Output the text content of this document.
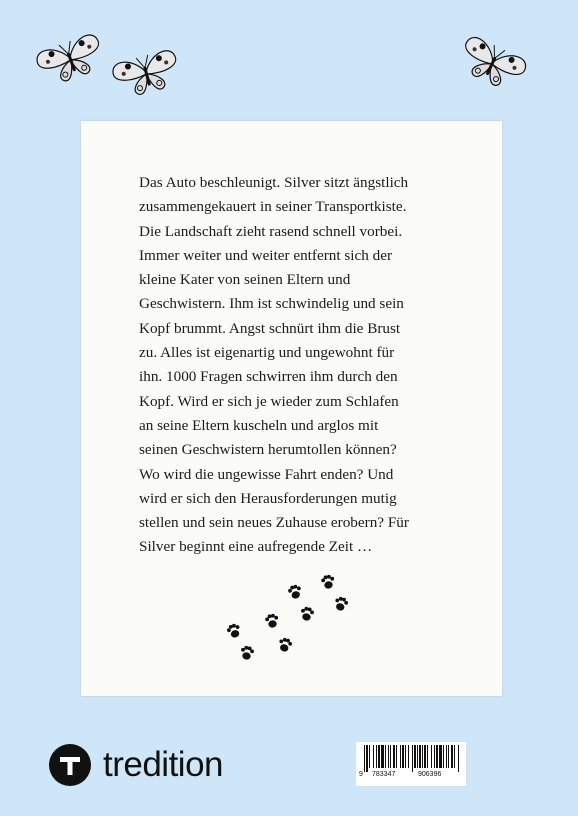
Das Auto beschleunigt. Silver sitzt ängstlich

zusammengekauert in seiner Transportkiste.

Die Landschaft zieht rasend schnell vorbei.

Immer weiter und weiter entfernt sich der

kleine Kater von seinen Eltern und

Geschwistern. Ihm ist schwindelig und sein

Kopf brummt. Angst schnürt ihm die Brust

zu. Alles ist eigenartig und ungewohnt für

ihn. 1000 Fragen schwirren ihm durch den

Kopf. Wird er sich je wieder zum Schlafen

an seine Eltern kuscheln und arglos mit

seinen Geschwistern herumtollen können?

Wo wird die ungewisse Fahrt enden? Und

wird er sich den Herausforderungen mutig

stellen und sein neues Zuhause erobern? Für

Silver beginnt eine aufregende Zeit …

tredition	9 783347	906396
